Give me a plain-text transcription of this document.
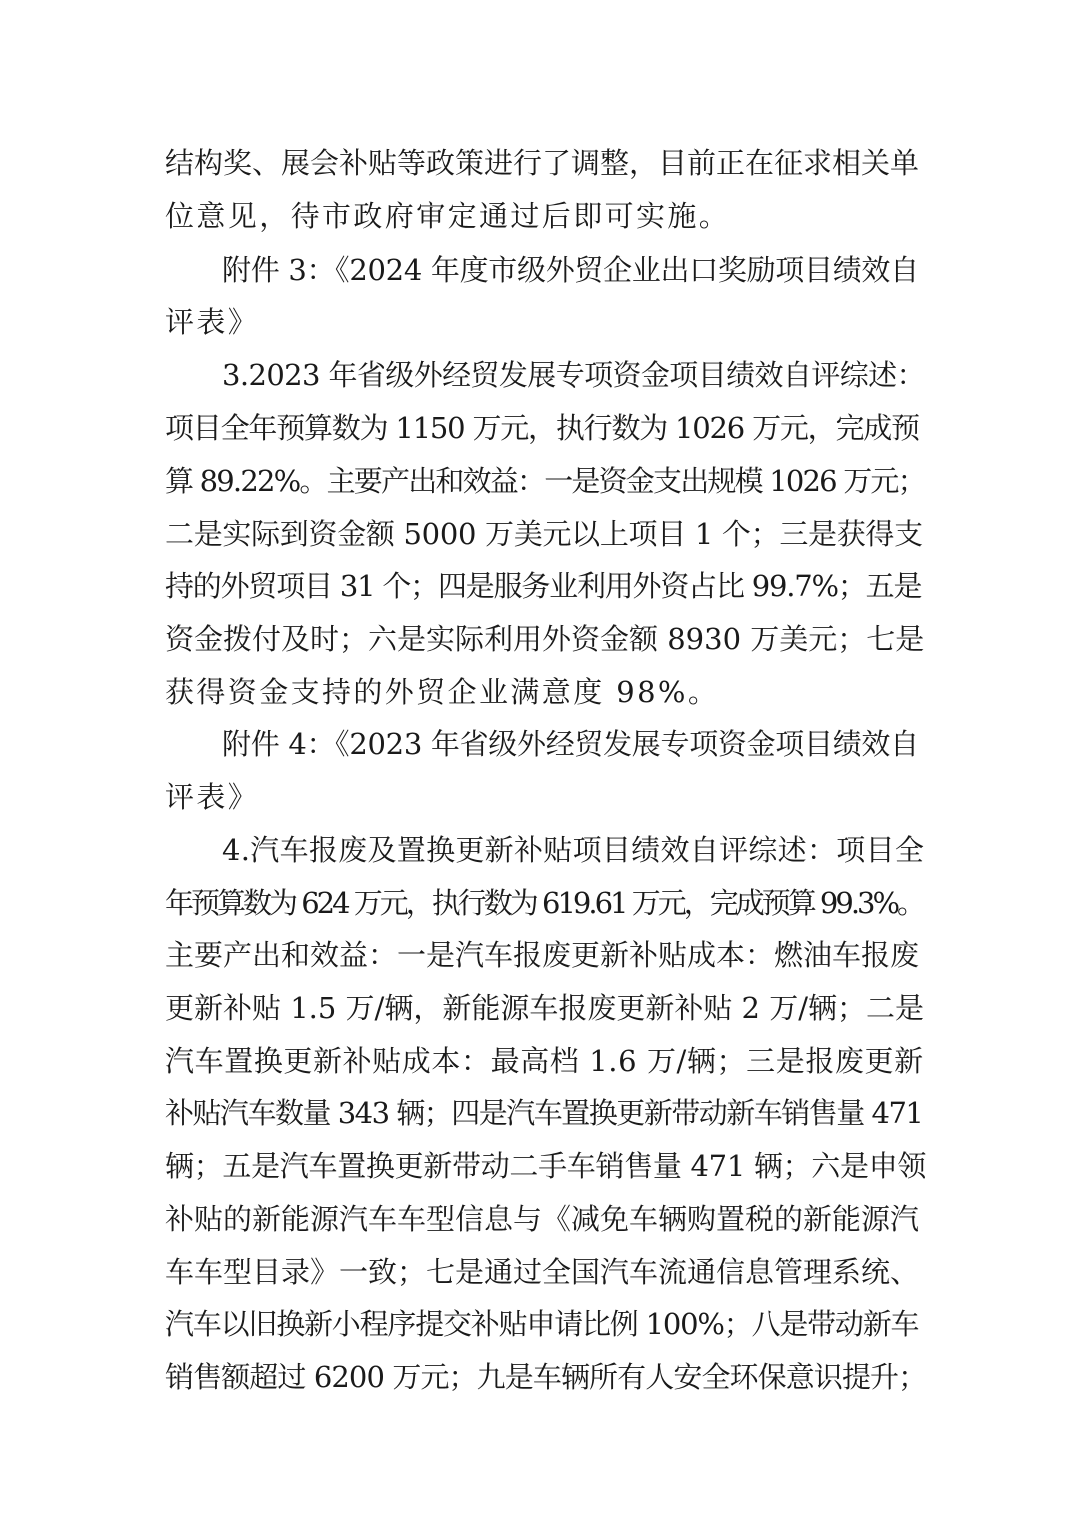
结构奖、展会补贴等政策进行了调整，目前正在征求相关单
位意见，待市政府审定通过后即可实施。
附件 3：《2024 年度市级外贸企业出口奖励项目绩效自
评表》
3.2023 年省级外经贸发展专项资金项目绩效自评综述：
项目全年预算数为 1150 万元，执行数为 1026 万元，完成预
算 89.22%。主要产出和效益：一是资金支出规模 1026 万元；
二是实际到资金额 5000 万美元以上项目 1 个；三是获得支
持的外贸项目 31 个；四是服务业利用外资占比 99.7%；五是
资金拨付及时；六是实际利用外资金额 8930 万美元；七是
获得资金支持的外贸企业满意度 98%。
附件 4：《2023 年省级外经贸发展专项资金项目绩效自
评表》
4.汽车报废及置换更新补贴项目绩效自评综述：项目全
年预算数为 624 万元，执行数为 619.61 万元，完成预算 99.3%。
主要产出和效益：一是汽车报废更新补贴成本：燃油车报废
更新补贴 1.5 万/辆，新能源车报废更新补贴 2 万/辆；二是
汽车置换更新补贴成本：最高档 1.6 万/辆；三是报废更新
补贴汽车数量 343 辆；四是汽车置换更新带动新车销售量 471
辆；五是汽车置换更新带动二手车销售量 471 辆；六是申领
补贴的新能源汽车车型信息与《减免车辆购置税的新能源汽
车车型目录》一致；七是通过全国汽车流通信息管理系统、
汽车以旧换新小程序提交补贴申请比例 100%；八是带动新车
销售额超过 6200 万元；九是车辆所有人安全环保意识提升；
